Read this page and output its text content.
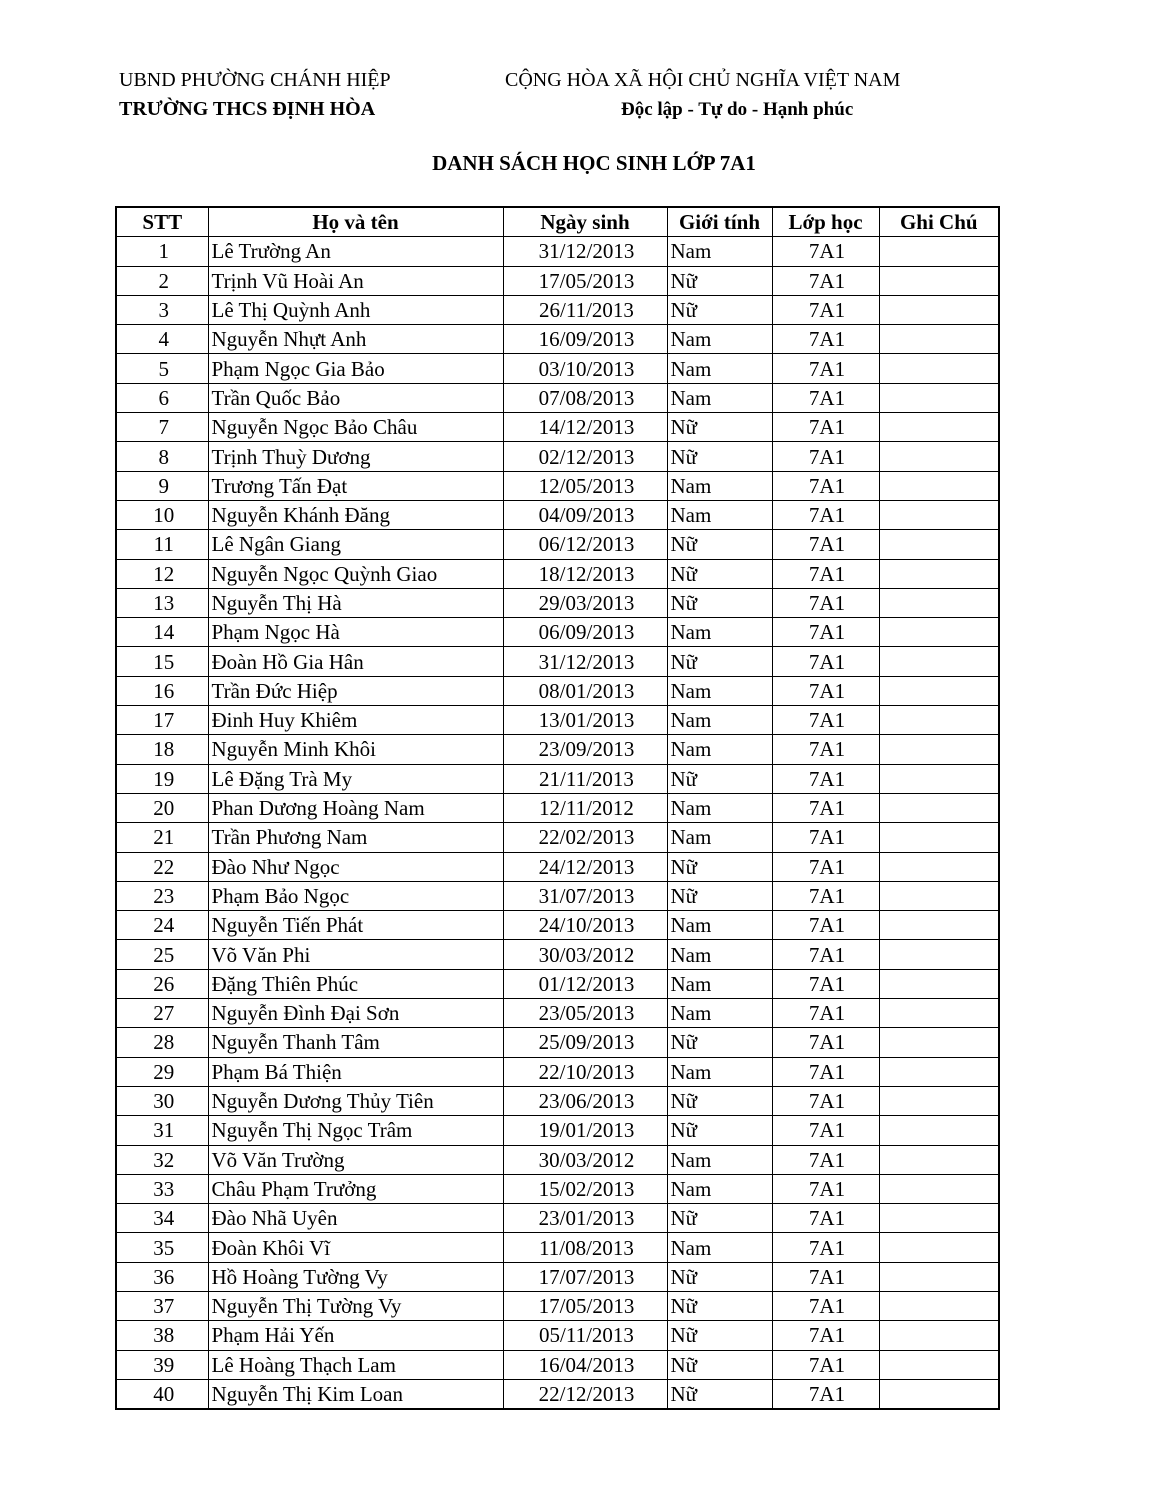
UBND PHƯỜNG CHÁNH HIỆP
TRƯỜNG THCS ĐỊNH HÒA
CỘNG HÒA XÃ HỘI CHỦ NGHĨA VIỆT NAM
Độc lập - Tự do - Hạnh phúc
DANH SÁCH HỌC SINH LỚP 7A1
STT	Họ và tên	Ngày sinh	Giới tính	Lớp học	Ghi Chú
1	Lê Trường An	31/12/2013	Nam	7A1	
2	Trịnh Vũ Hoài An	17/05/2013	Nữ	7A1	
3	Lê Thị Quỳnh Anh	26/11/2013	Nữ	7A1	
4	Nguyễn Nhựt Anh	16/09/2013	Nam	7A1	
5	Phạm Ngọc Gia Bảo	03/10/2013	Nam	7A1	
6	Trần Quốc Bảo	07/08/2013	Nam	7A1	
7	Nguyễn Ngọc Bảo Châu	14/12/2013	Nữ	7A1	
8	Trịnh Thuỳ Dương	02/12/2013	Nữ	7A1	
9	Trương Tấn Đạt	12/05/2013	Nam	7A1	
10	Nguyễn Khánh Đăng	04/09/2013	Nam	7A1	
11	Lê Ngân Giang	06/12/2013	Nữ	7A1	
12	Nguyễn Ngọc Quỳnh Giao	18/12/2013	Nữ	7A1	
13	Nguyễn Thị Hà	29/03/2013	Nữ	7A1	
14	Phạm Ngọc Hà	06/09/2013	Nam	7A1	
15	Đoàn Hồ Gia Hân	31/12/2013	Nữ	7A1	
16	Trần Đức Hiệp	08/01/2013	Nam	7A1	
17	Đinh Huy Khiêm	13/01/2013	Nam	7A1	
18	Nguyễn Minh Khôi	23/09/2013	Nam	7A1	
19	Lê Đặng Trà My	21/11/2013	Nữ	7A1	
20	Phan Dương Hoàng Nam	12/11/2012	Nam	7A1	
21	Trần Phương Nam	22/02/2013	Nam	7A1	
22	Đào Như Ngọc	24/12/2013	Nữ	7A1	
23	Phạm Bảo Ngọc	31/07/2013	Nữ	7A1	
24	Nguyễn Tiến Phát	24/10/2013	Nam	7A1	
25	Võ Văn Phi	30/03/2012	Nam	7A1	
26	Đặng Thiên Phúc	01/12/2013	Nam	7A1	
27	Nguyễn Đình Đại Sơn	23/05/2013	Nam	7A1	
28	Nguyễn Thanh Tâm	25/09/2013	Nữ	7A1	
29	Phạm Bá Thiện	22/10/2013	Nam	7A1	
30	Nguyễn Dương Thủy Tiên	23/06/2013	Nữ	7A1	
31	Nguyễn Thị Ngọc Trâm	19/01/2013	Nữ	7A1	
32	Võ Văn Trường	30/03/2012	Nam	7A1	
33	Châu Phạm Trưởng	15/02/2013	Nam	7A1	
34	Đào Nhã Uyên	23/01/2013	Nữ	7A1	
35	Đoàn Khôi Vĩ	11/08/2013	Nam	7A1	
36	Hồ Hoàng Tường Vy	17/07/2013	Nữ	7A1	
37	Nguyễn Thị Tường Vy	17/05/2013	Nữ	7A1	
38	Phạm Hải Yến	05/11/2013	Nữ	7A1	
39	Lê Hoàng Thạch Lam	16/04/2013	Nữ	7A1	
40	Nguyễn Thị Kim Loan	22/12/2013	Nữ	7A1	
